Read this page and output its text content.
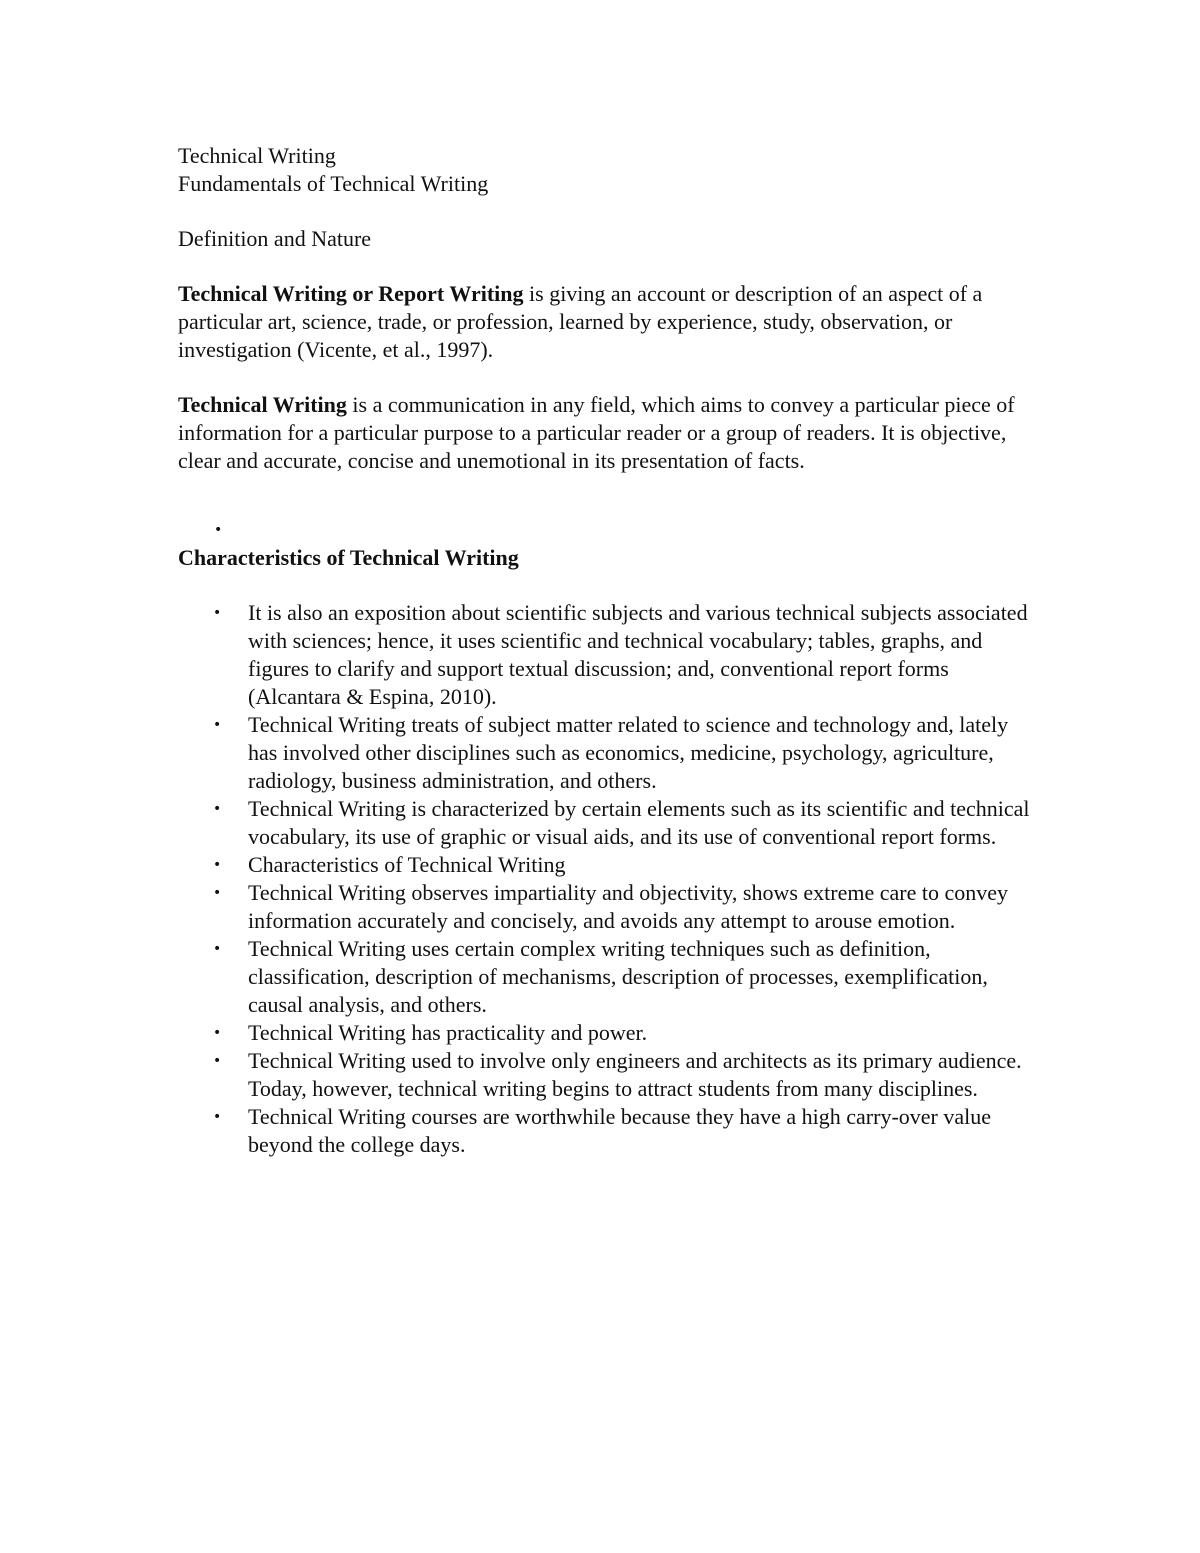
Technical Writing

Fundamentals of Technical Writing

Definition and Nature

Technical Writing or Report Writing is giving an account or description of an aspect of a particular art, science, trade, or profession, learned by experience, study, observation, or investigation (Vicente, et al., 1997).

Technical Writing is a communication in any field, which aims to convey a particular piece of information for a particular purpose to a particular reader or a group of readers. It is objective, clear and accurate, concise and unemotional in its presentation of facts.

•

Characteristics of Technical Writing

• It is also an exposition about scientific subjects and various technical subjects associated with sciences; hence, it uses scientific and technical vocabulary; tables, graphs, and figures to clarify and support textual discussion; and, conventional report forms (Alcantara & Espina, 2010).
• Technical Writing treats of subject matter related to science and technology and, lately has involved other disciplines such as economics, medicine, psychology, agriculture, radiology, business administration, and others.
• Technical Writing is characterized by certain elements such as its scientific and technical vocabulary, its use of graphic or visual aids, and its use of conventional report forms.
• Characteristics of Technical Writing
• Technical Writing observes impartiality and objectivity, shows extreme care to convey information accurately and concisely, and avoids any attempt to arouse emotion.
• Technical Writing uses certain complex writing techniques such as definition, classification, description of mechanisms, description of processes, exemplification, causal analysis, and others.
• Technical Writing has practicality and power.
• Technical Writing used to involve only engineers and architects as its primary audience. Today, however, technical writing begins to attract students from many disciplines.
• Technical Writing courses are worthwhile because they have a high carry-over value beyond the college days.
